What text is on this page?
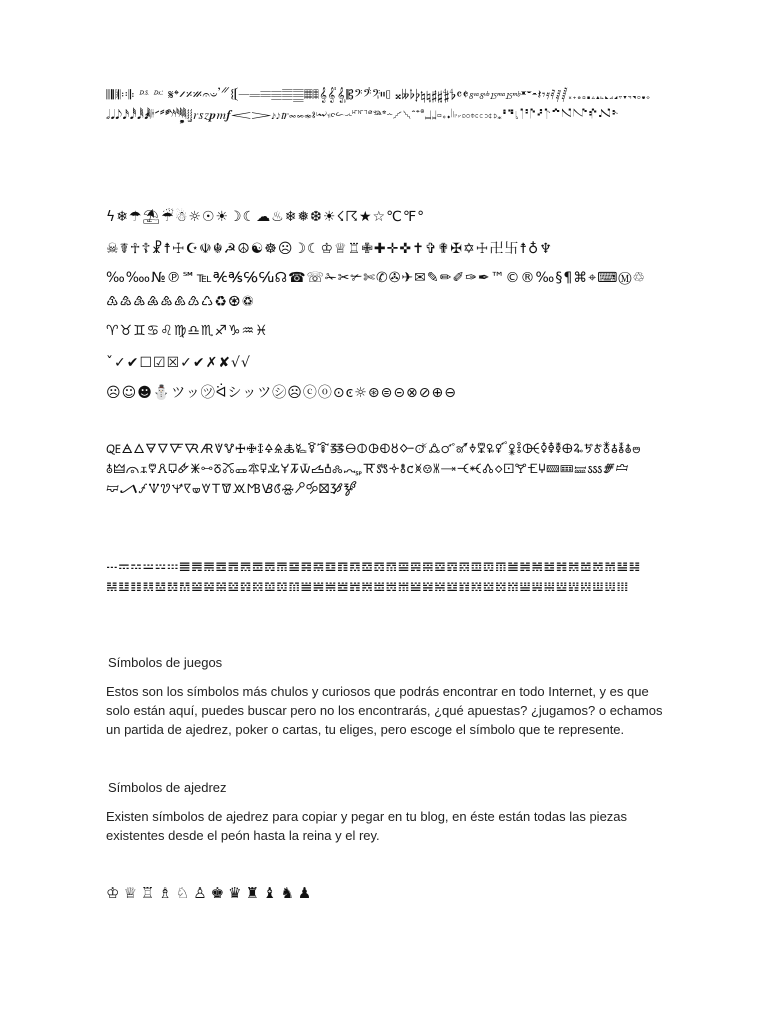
𝄀𝄁𝄂𝄃𝄄𝄅𝄆𝄇𝄈 𝄉 𝄊 𝄋𝄌𝄍𝄎𝄏𝄐𝄑𝄒𝄓𝄔𝄕𝄖𝄗𝄘𝄙𝄚𝄛𝄜𝄝𝄞𝄟𝄠𝄡𝄢𝄣𝄤𝄥𝄦 𝄪𝄫𝄬𝄭𝄮𝄯𝄰𝄱𝄲𝄳𝄴𝄵𝄶𝄷𝄸𝄹𝄺𝄻𝄼𝄽𝄾𝄿𝅀𝅁𝅂𝅃𝅄𝅅𝅆𝅇𝅈𝅉𝅊𝅋𝅌𝅍𝅎𝅏𝅐𝅑𝅒𝅓𝅔𝅗𝅥𝅘𝅥𝅘𝅥𝅮𝅘𝅥𝅯𝅘𝅥𝅰𝅘𝅥𝅱𝅘𝅧𝅨𝅩𝅥𝅲𝅥𝅦𝅪𝅫𝅬𝅮𝅯𝅰𝅱𝅲𝅻𝅼𝅽𝅾𝅿𝆀𝆁𝆂𝅭𝆃𝆄𝆊𝆋𝆌𝆍𝆎𝆏𝆐𝆑𝆒𝆓𝆔𝆕𝆖𝆗𝆘𝆙𝆚𝆛𝆜𝆝𝆞𝆟𝆠𝆡𝆢𝆣𝆤𝆥𝆦𝆧𝆨𝆩𝆮𝆯𝆰𝆱𝆲𝆳𝆴𝆵𝆶𝆷𝆸𝆹𝆺𝇁𝇂𝇃𝇄𝇅𝇆𝇇𝇈𝇉𝇊𝇋𝇌𝇍𝇎𝇏𝇐𝇑𝇒𝇓𝇔𝇕𝇖𝇗𝇘𝇙𝇚𝇛𝇜𝇝
ϟ❄☂⛱☔☃☼☉☀☽☾☁♨❄❅❆☀☇☈★☆℃℉°
☠☤☥☦☧☨☩☪☫☬☭☮☯☸☹☽☾♔♕♖✙✚✛✜✝✞✟✠✡☩卍卐☨♁♆
‰‱№℗℠℡℀℁℅℆☊☎☏✁✂✃✄✆✇✈✉✎✏✐✑✒™©®‰§¶⌘⌖⌨Ⓜ♲♳♴♵♶♷♸♹♺♻♼♽
♈♉♊♋♌♍♎♏♐♑♒♓
ˇ✓✔☐☑☒✓✔✗✘√√
☹☺☻⛄ツッ㋡ᐛシッツ㋛☹ⓒⓞ⊙ͼ☼⊛⊜⊝⊗⊘⊕⊖
🜀🜁🜂🜃🜄🜅🜆🜇🜈🜉🜊🜋🜌🜍🜎🜏🜐🜑🜒🜓🜔🜕🜖🜗🜘🜙🜚🜛🜜🜝🜞🜟🜠🜡🜢🜣🜤🜥🜦🜧🜨🜩🜪🜫🜬🜭🜮🜯🜰🜱🜲🜳🜴🜵🜶🜷🜸🜹🜺🜻🜼🜽🜾🜿🝀🝁🝂🝃🝄🝅🝆🝇🝈🝉🝊🝋🝌🝍🝎🝏🝐🝑🝒🝓🝔🝕🝖🝗🝘🝙🝚🝛🝜🝝🝞🝟🝠🝡🝢🝣🝤🝥🝦🝧🝨🝩🝪🝫🝬🝭🝮🝯🝰🝱🝲🝳
𝌀𝌁𝌂𝌃𝌄𝌅𝌆𝌇𝌈𝌉𝌊𝌋𝌌𝌍𝌎𝌏𝌐𝌑𝌒𝌓𝌔𝌕𝌖𝌗𝌘𝌙𝌚𝌛𝌜𝌝𝌞𝌟𝌠𝌡𝌢𝌣𝌤𝌥𝌦𝌧𝌨𝌩𝌪𝌫𝌬𝌭𝌮𝌯𝌰𝌱𝌲𝌳𝌴𝌵𝌶𝌷𝌸𝌹𝌺𝌻𝌼𝌽𝌾𝌿𝍀𝍁𝍂𝍃𝍄𝍅𝍆𝍇𝍈𝍉𝍊𝍋𝍌𝍍𝍎𝍏𝍐𝍑𝍒𝍓𝍔𝍕𝍖
Símbolos de juegos
Estos son los símbolos más chulos y curiosos que podrás encontrar en todo Internet, y es que solo están aquí, puedes buscar pero no los encontrarás, ¿qué apuestas? ¿jugamos? o echamos un partida de ajedrez, poker o cartas, tu eliges, pero escoge el símbolo que te represente.
Símbolos de ajedrez
Existen símbolos de ajedrez para copiar y pegar en tu blog, en éste están todas las piezas existentes desde el peón hasta la reina y el rey.
♔♕♖♗♘♙♚♛♜♝♞♟
